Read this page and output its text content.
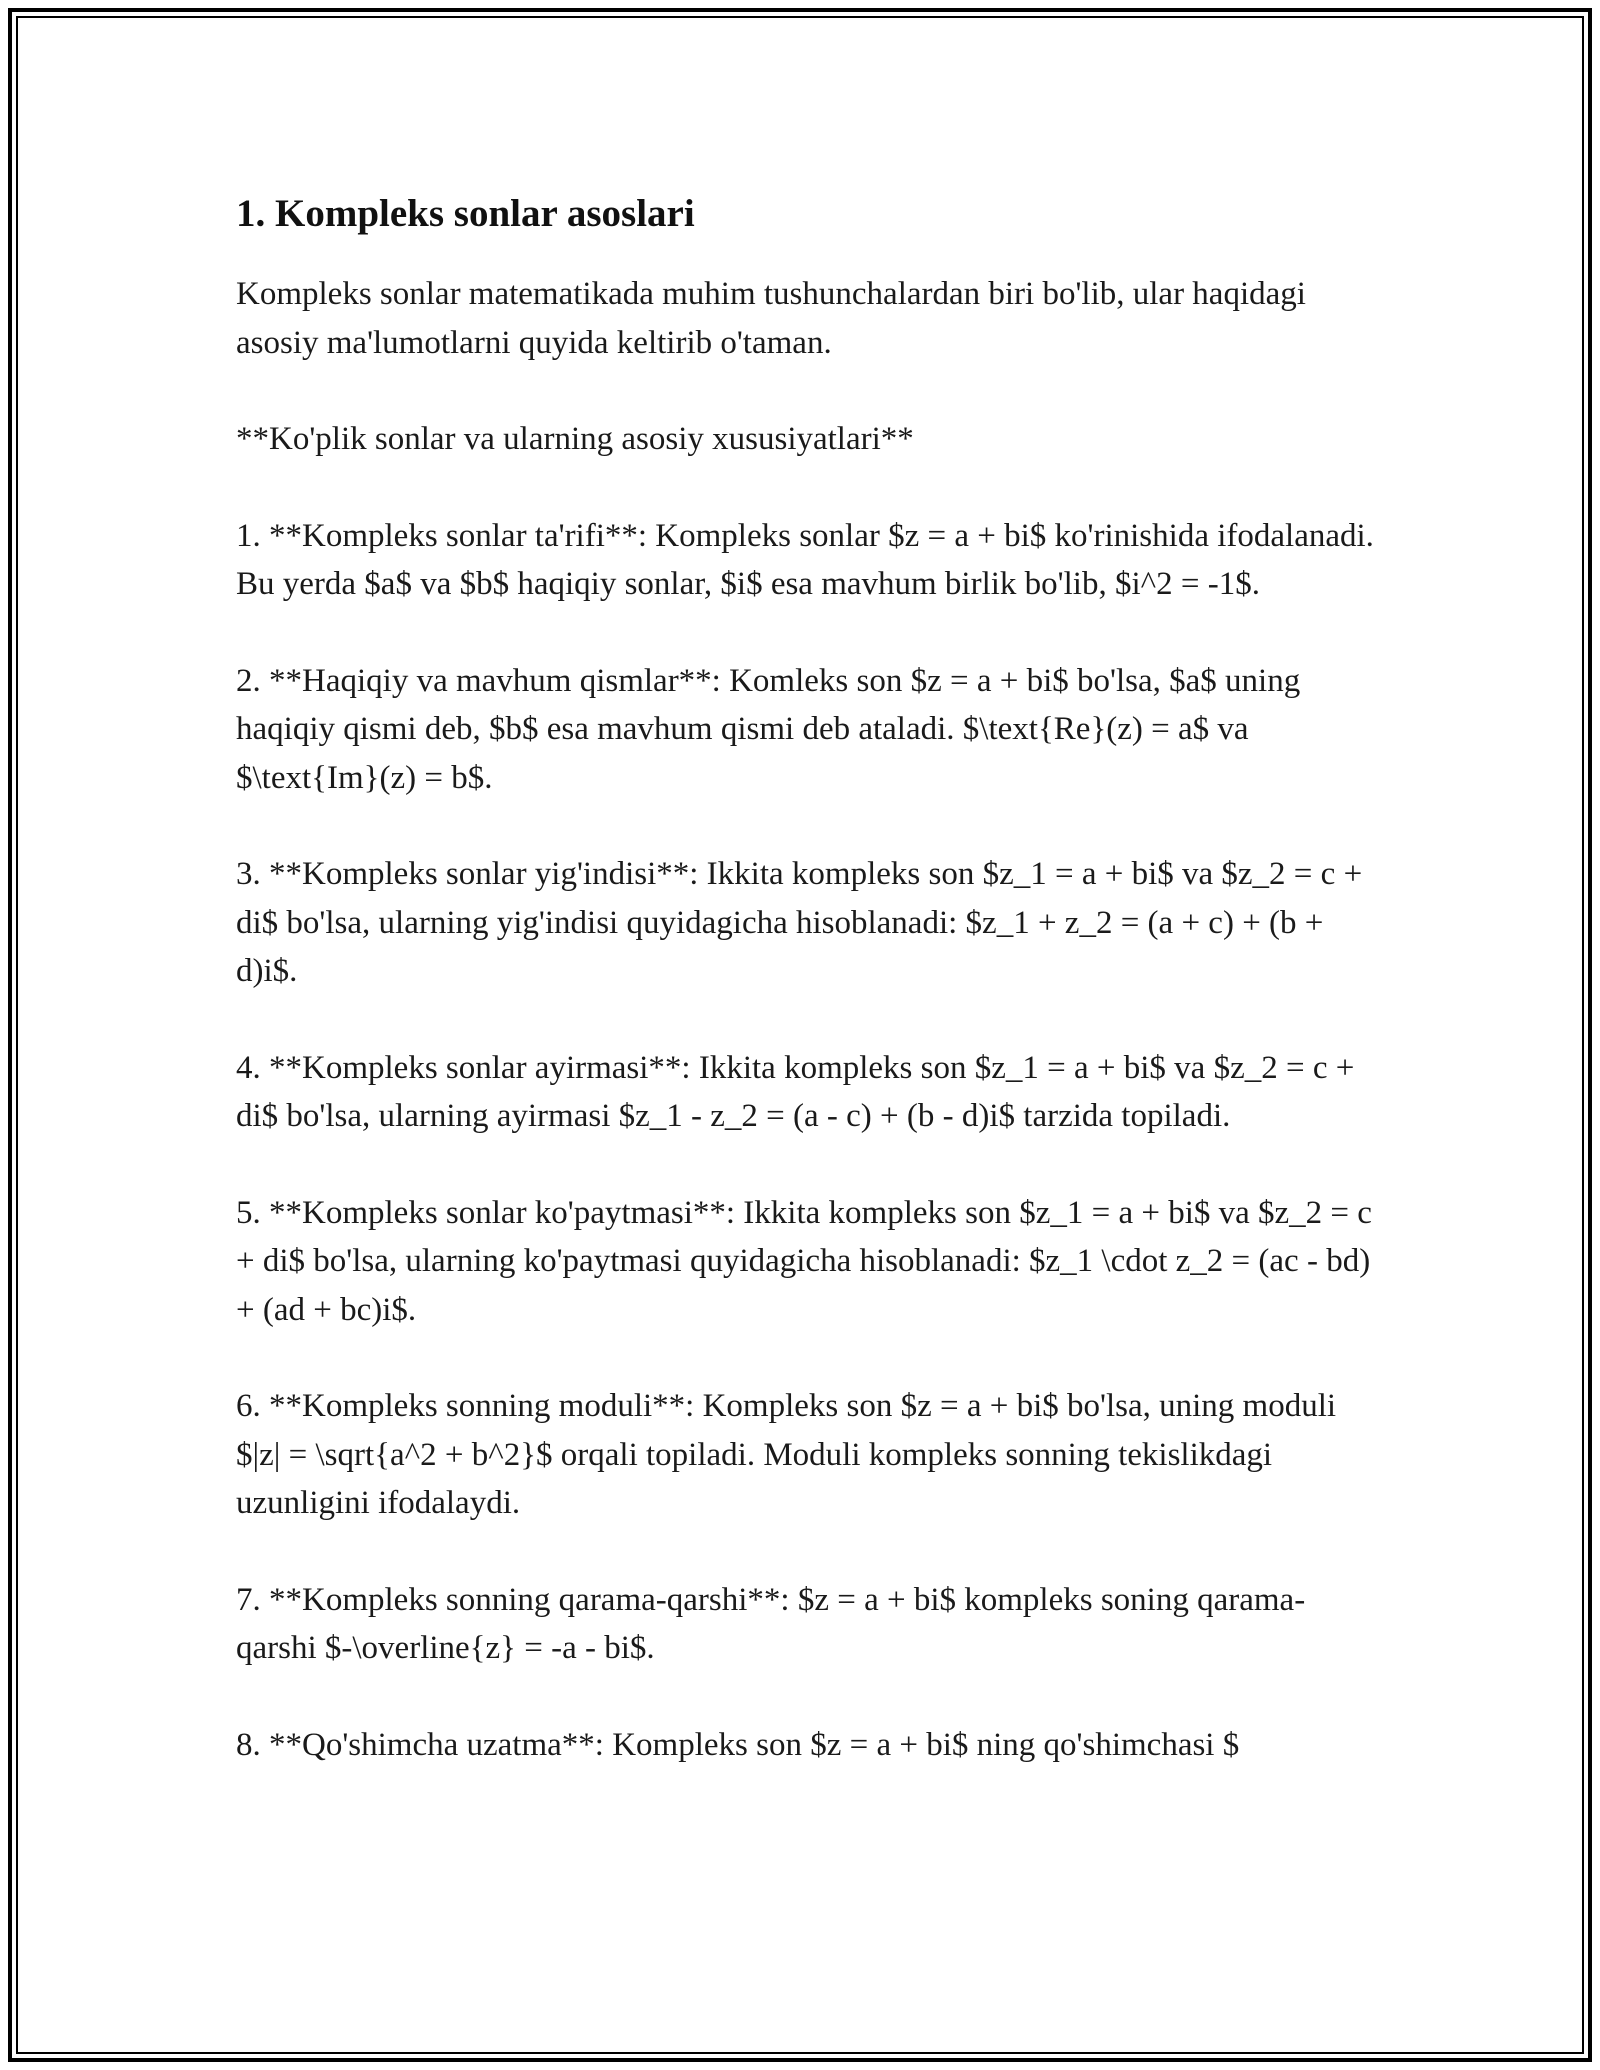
1. Kompleks sonlar asoslari

Kompleks sonlar matematikada muhim tushunchalardan biri bo'lib, ular haqidagi asosiy ma'lumotlarni quyida keltirib o'taman.

**Ko'plik sonlar va ularning asosiy xususiyatlari**

1. **Kompleks sonlar ta'rifi**: Kompleks sonlar $z = a + bi$ ko'rinishida ifodalanadi. Bu yerda $a$ va $b$ haqiqiy sonlar, $i$ esa mavhum birlik bo'lib, $i^2 = -1$.

2. **Haqiqiy va mavhum qismlar**: Komleks son $z = a + bi$ bo'lsa, $a$ uning haqiqiy qismi deb, $b$ esa mavhum qismi deb ataladi. $\text{Re}(z) = a$ va $\text{Im}(z) = b$.

3. **Kompleks sonlar yig'indisi**: Ikkita kompleks son $z_1 = a + bi$ va $z_2 = c + di$ bo'lsa, ularning yig'indisi quyidagicha hisoblanadi: $z_1 + z_2 = (a + c) + (b + d)i$.

4. **Kompleks sonlar ayirmasi**: Ikkita kompleks son $z_1 = a + bi$ va $z_2 = c + di$ bo'lsa, ularning ayirmasi $z_1 - z_2 = (a - c) + (b - d)i$ tarzida topiladi.

5. **Kompleks sonlar ko'paytmasi**: Ikkita kompleks son $z_1 = a + bi$ va $z_2 = c + di$ bo'lsa, ularning ko'paytmasi quyidagicha hisoblanadi: $z_1 \cdot z_2 = (ac - bd) + (ad + bc)i$.

6. **Kompleks sonning moduli**: Kompleks son $z = a + bi$ bo'lsa, uning moduli $|z| = \sqrt{a^2 + b^2}$ orqali topiladi. Moduli kompleks sonning tekislikdagi uzunligini ifodalaydi.

7. **Kompleks sonning qarama-qarshi**: $z = a + bi$ kompleks soning qarama-qarshi $-\overline{z} = -a - bi$.

8. **Qo'shimcha uzatma**: Kompleks son $z = a + bi$ ning qo'shimchasi $
